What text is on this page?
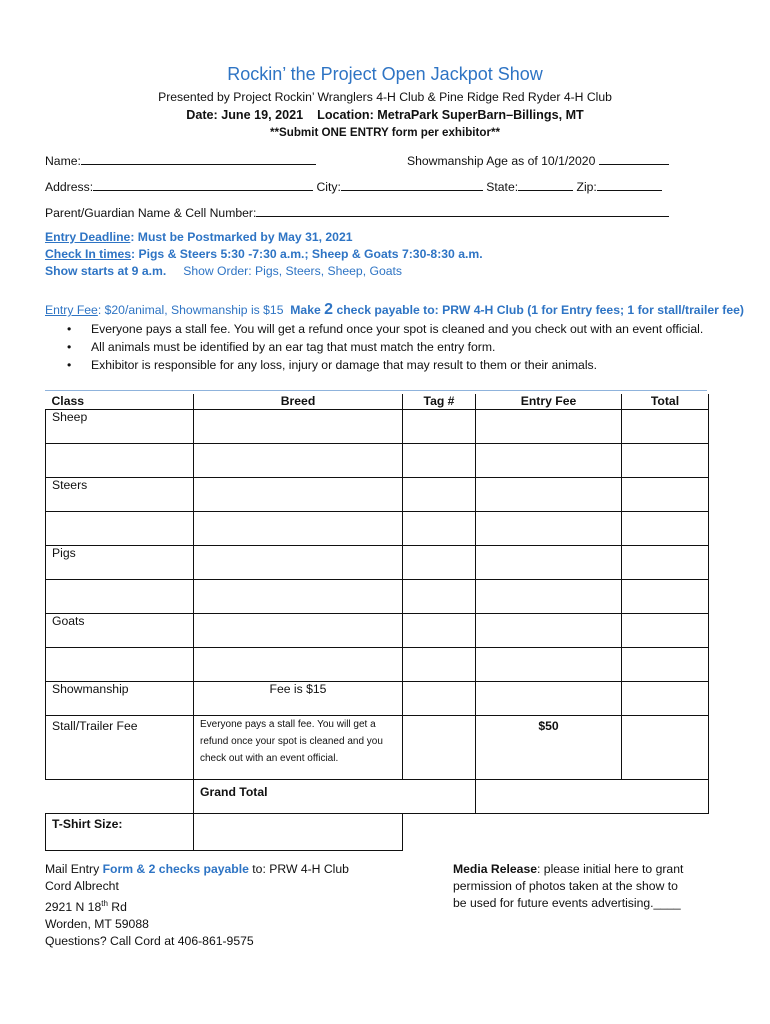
Rockin’ the Project Open Jackpot Show
Presented by Project Rockin’ Wranglers 4-H Club & Pine Ridge Red Ryder 4-H Club
Date: June 19, 2021    Location: MetraPark SuperBarn–Billings, MT
**Submit ONE ENTRY form per exhibitor**
Name:	Showmanship Age as of 10/1/2020
Address:	City:	State:	Zip:
Parent/Guardian Name & Cell Number:
Entry Deadline: Must be Postmarked by May 31, 2021
Check In times: Pigs & Steers 5:30 -7:30 a.m.; Sheep & Goats 7:30-8:30 a.m.
Show starts at 9 a.m. Show Order: Pigs, Steers, Sheep, Goats
Entry Fee: $20/animal, Showmanship is $15 Make 2 check payable to: PRW 4-H Club (1 for Entry fees; 1 for stall/trailer fee)
• Everyone pays a stall fee. You will get a refund once your spot is cleaned and you check out with an event official.
• All animals must be identified by an ear tag that must match the entry form.
• Exhibitor is responsible for any loss, injury or damage that may result to them or their animals.
Class	Breed	Tag #	Entry Fee	Total
Sheep				

Steers				

Pigs				

Goats				

Showmanship	Fee is $15			
Stall/Trailer Fee	Everyone pays a stall fee. You will get a refund once your spot is cleaned and you check out with an event official.		$50	
	Grand Total			
T-Shirt Size:				
Mail Entry Form & 2 checks payable to: PRW 4-H Club
Cord Albrecht
2921 N 18th Rd
Worden, MT 59088
Questions? Call Cord at 406-861-9575
Media Release: please initial here to grant
permission of photos taken at the show to
be used for future events advertising.____
